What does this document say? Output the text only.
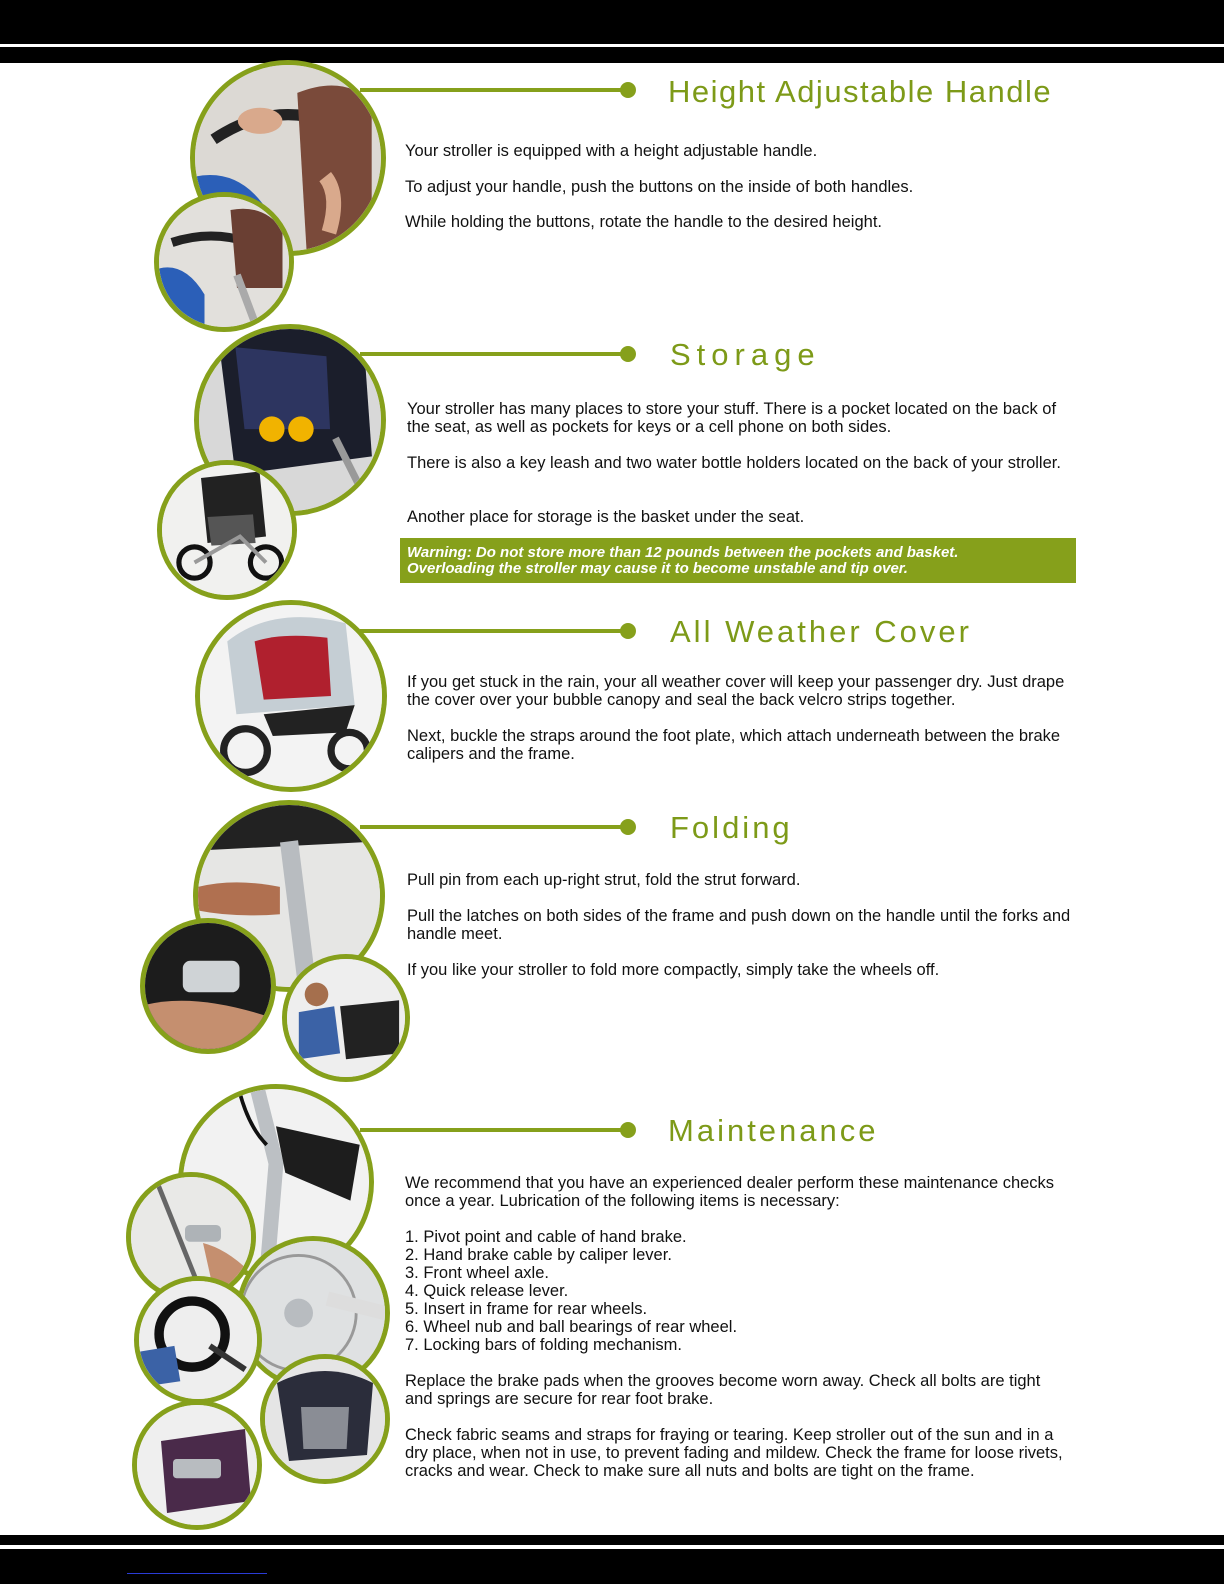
Height Adjustable Handle

Your stroller is equipped with a height adjustable handle.

To adjust your handle, push the buttons on the inside of both handles.

While holding the buttons, rotate the handle to the desired height.

Storage

Your stroller has many places to store your stuff. There is a pocket located on the back of the seat, as well as pockets for keys or a cell phone on both sides.

There is also a key leash and two water bottle holders located on the back of your stroller.

Another place for storage is the basket under the seat.

Warning: Do not store more than 12 pounds between the pockets and basket.
Overloading the stroller may cause it to become unstable and tip over.
All Weather Cover

If you get stuck in the rain, your all weather cover will keep your passenger dry. Just drape the cover over your bubble canopy and seal the back velcro strips together.

Next, buckle the straps around the foot plate, which attach underneath between the brake calipers and the frame.

Folding

Pull pin from each up-right strut, fold the strut forward.

Pull the latches on both sides of the frame and push down on the handle until the forks and handle meet.

If you like your stroller to fold more compactly, simply take the wheels off.

Maintenance

We recommend that you have an experienced dealer perform these maintenance checks once a year. Lubrication of the following items is necessary:

1. Pivot point and cable of hand brake.
2. Hand brake cable by caliper lever.
3. Front wheel axle.
4. Quick release lever.
5. Insert in frame for rear wheels.
6. Wheel nub and ball bearings of rear wheel.
7. Locking bars of folding mechanism.

Replace the brake pads when the grooves become worn away. Check all bolts are tight and springs are secure for rear foot brake.

Check fabric seams and straps for fraying or tearing. Keep stroller out of the sun and in a dry place, when not in use, to prevent fading and mildew. Check the frame for loose rivets, cracks and wear. Check to make sure all nuts and bolts are tight on the frame.
